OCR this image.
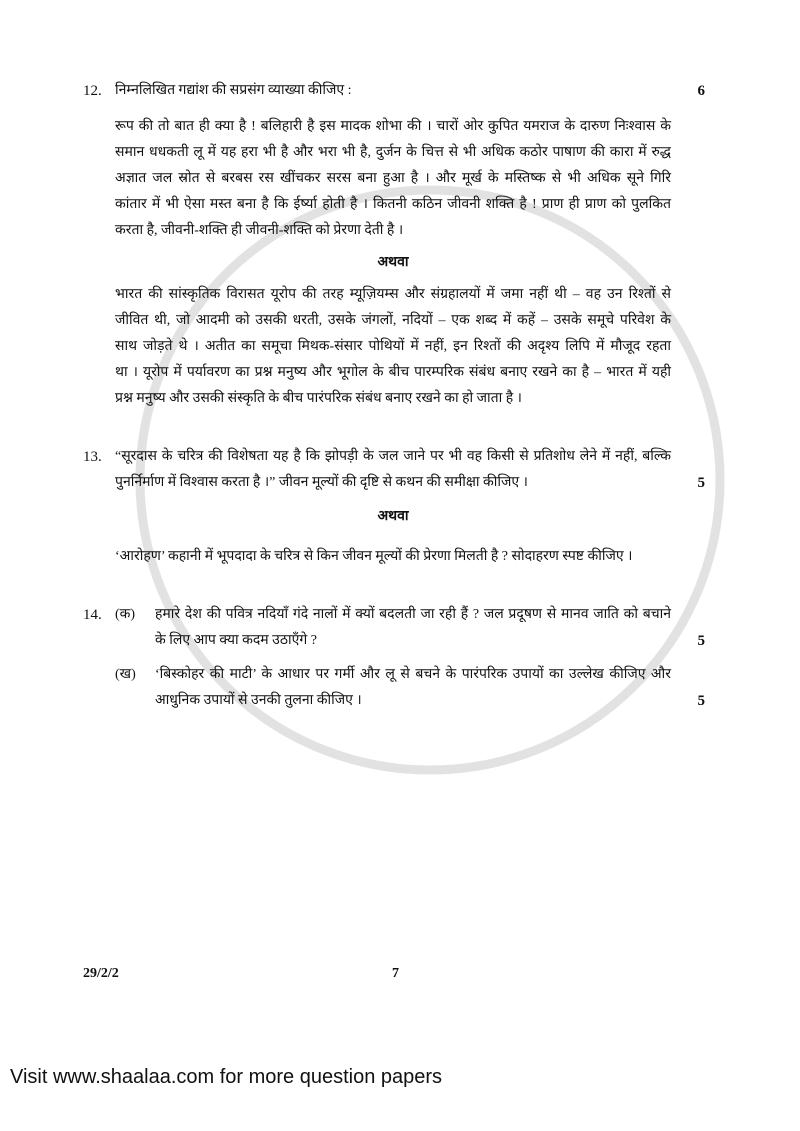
12. निम्नलिखित गद्यांश की सप्रसंग व्याख्या कीजिए :
रूप की तो बात ही क्या है ! बलिहारी है इस मादक शोभा की । चारों ओर कुपित यमराज के दारुण निःश्वास के
समान धधकती लू में यह हरा भी है और भरा भी है, दुर्जन के चित्त से भी अधिक कठोर पाषाण की कारा में रुद्ध
अज्ञात जल स्रोत से बरबस रस खींचकर सरस बना हुआ है । और मूर्ख के मस्तिष्क से भी अधिक सूने गिरि
कांतार में भी ऐसा मस्त बना है कि ईर्ष्या होती है । कितनी कठिन जीवनी शक्ति है ! प्राण ही प्राण को पुलकित
करता है, जीवनी-शक्ति ही जीवनी-शक्ति को प्रेरणा देती है ।
अथवा
भारत की सांस्कृतिक विरासत यूरोप की तरह म्यूज़ियम्स और संग्रहालयों में जमा नहीं थी – वह उन रिश्तों से
जीवित थी, जो आदमी को उसकी धरती, उसके जंगलों, नदियों – एक शब्द में कहें – उसके समूचे परिवेश के
साथ जोड़ते थे । अतीत का समूचा मिथक-संसार पोथियों में नहीं, इन रिश्तों की अदृश्य लिपि में मौजूद रहता
था । यूरोप में पर्यावरण का प्रश्न मनुष्य और भूगोल के बीच पारम्परिक संबंध बनाए रखने का है – भारत में यही
प्रश्न मनुष्य और उसकी संस्कृति के बीच पारंपरिक संबंध बनाए रखने का हो जाता है ।
6
13. “सूरदास के चरित्र की विशेषता यह है कि झोपड़ी के जल जाने पर भी वह किसी से प्रतिशोध लेने में नहीं, बल्कि
पुनर्निर्माण में विश्वास करता है ।” जीवन मूल्यों की दृष्टि से कथन की समीक्षा कीजिए ।	5
अथवा
‘आरोहण’ कहानी में भूपदादा के चरित्र से किन जीवन मूल्यों की प्रेरणा मिलती है ? सोदाहरण स्पष्ट कीजिए ।
14. (क)	हमारे देश की पवित्र नदियाँ गंदे नालों में क्यों बदलती जा रही हैं ? जल प्रदूषण से मानव जाति को बचाने
के लिए आप क्या कदम उठाएँगे ?	5
(ख)	‘बिस्कोहर की माटी’ के आधार पर गर्मी और लू से बचने के पारंपरिक उपायों का उल्लेख कीजिए और
आधुनिक उपायों से उनकी तुलना कीजिए ।	5
29/2/2	7
Visit www.shaalaa.com for more question papers
